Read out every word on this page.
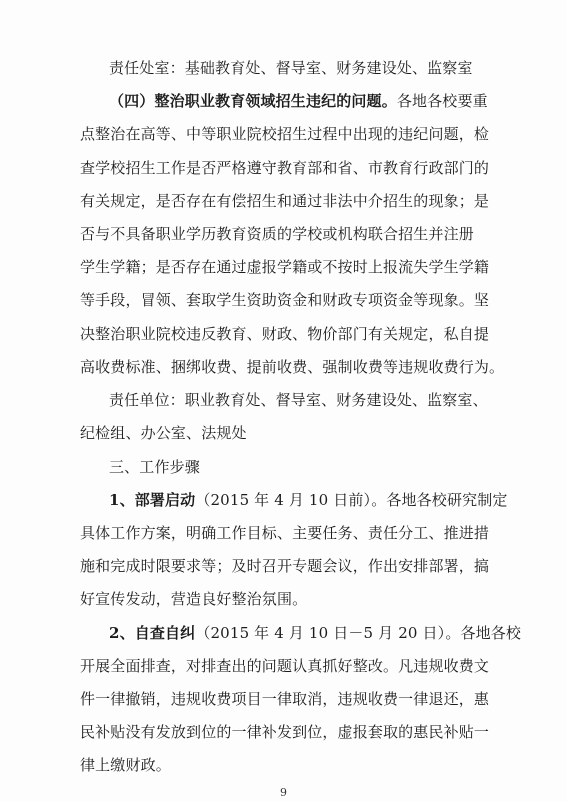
责任处室：基础教育处、督导室、财务建设处、监察室
（四）整治职业教育领域招生违纪的问题。各地各校要重
点整治在高等、中等职业院校招生过程中出现的违纪问题，检
查学校招生工作是否严格遵守教育部和省、市教育行政部门的
有关规定，是否存在有偿招生和通过非法中介招生的现象；是
否与不具备职业学历教育资质的学校或机构联合招生并注册
学生学籍；是否存在通过虚报学籍或不按时上报流失学生学籍
等手段，冒领、套取学生资助资金和财政专项资金等现象。坚
决整治职业院校违反教育、财政、物价部门有关规定，私自提
高收费标准、捆绑收费、提前收费、强制收费等违规收费行为。
责任单位：职业教育处、督导室、财务建设处、监察室、
纪检组、办公室、法规处
三、工作步骤
1、部署启动（2015 年 4 月 10 日前）。各地各校研究制定
具体工作方案，明确工作目标、主要任务、责任分工、推进措
施和完成时限要求等；及时召开专题会议，作出安排部署，搞
好宣传发动，营造良好整治氛围。
2、自查自纠（2015 年 4 月 10 日－5 月 20 日）。各地各校
开展全面排查，对排查出的问题认真抓好整改。凡违规收费文
件一律撤销，违规收费项目一律取消，违规收费一律退还，惠
民补贴没有发放到位的一律补发到位，虚报套取的惠民补贴一
律上缴财政。
9
